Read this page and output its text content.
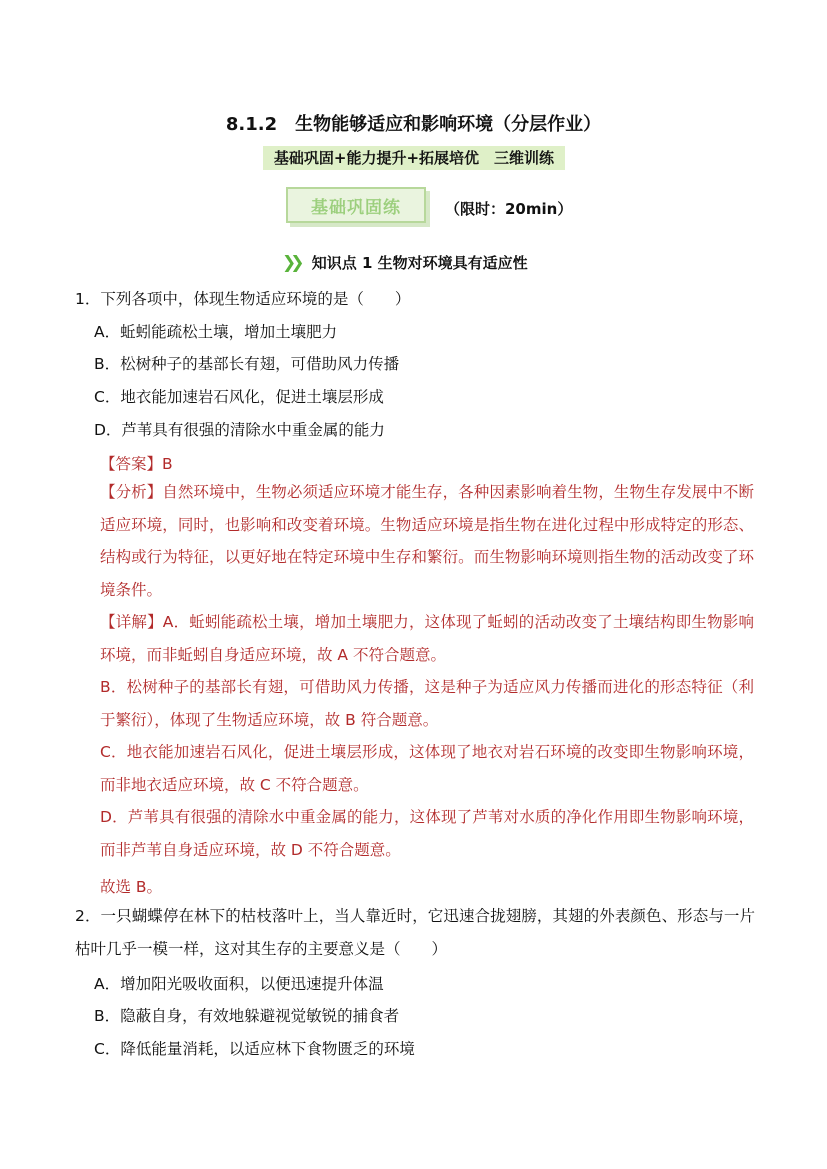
8.1.2　生物能够适应和影响环境（分层作业）
基础巩固+能力提升+拓展培优　三维训练
基础巩固练	（限时：20min）
❯❯ 知识点 1 生物对环境具有适应性
1．下列各项中，体现生物适应环境的是（　　）
A．蚯蚓能疏松土壤，增加土壤肥力
B．松树种子的基部长有翅，可借助风力传播
C．地衣能加速岩石风化，促进土壤层形成
D．芦苇具有很强的清除水中重金属的能力
【答案】B
【分析】自然环境中，生物必须适应环境才能生存，各种因素影响着生物，生物生存发展中不断适应环境，同时，也影响和改变着环境。生物适应环境是指生物在进化过程中形成特定的形态、结构或行为特征，以更好地在特定环境中生存和繁衍。而生物影响环境则指生物的活动改变了环境条件。
【详解】A．蚯蚓能疏松土壤，增加土壤肥力，这体现了蚯蚓的活动改变了土壤结构即生物影响环境，而非蚯蚓自身适应环境，故 A 不符合题意。
B．松树种子的基部长有翅，可借助风力传播，这是种子为适应风力传播而进化的形态特征（利于繁衍），体现了生物适应环境，故 B 符合题意。
C．地衣能加速岩石风化，促进土壤层形成，这体现了地衣对岩石环境的改变即生物影响环境，而非地衣适应环境，故 C 不符合题意。
D．芦苇具有很强的清除水中重金属的能力，这体现了芦苇对水质的净化作用即生物影响环境，而非芦苇自身适应环境，故 D 不符合题意。
故选 B。
2．一只蝴蝶停在林下的枯枝落叶上，当人靠近时，它迅速合拢翅膀，其翅的外表颜色、形态与一片枯叶几乎一模一样，这对其生存的主要意义是（　　）
A．增加阳光吸收面积，以便迅速提升体温
B．隐蔽自身，有效地躲避视觉敏锐的捕食者
C．降低能量消耗，以适应林下食物匮乏的环境
